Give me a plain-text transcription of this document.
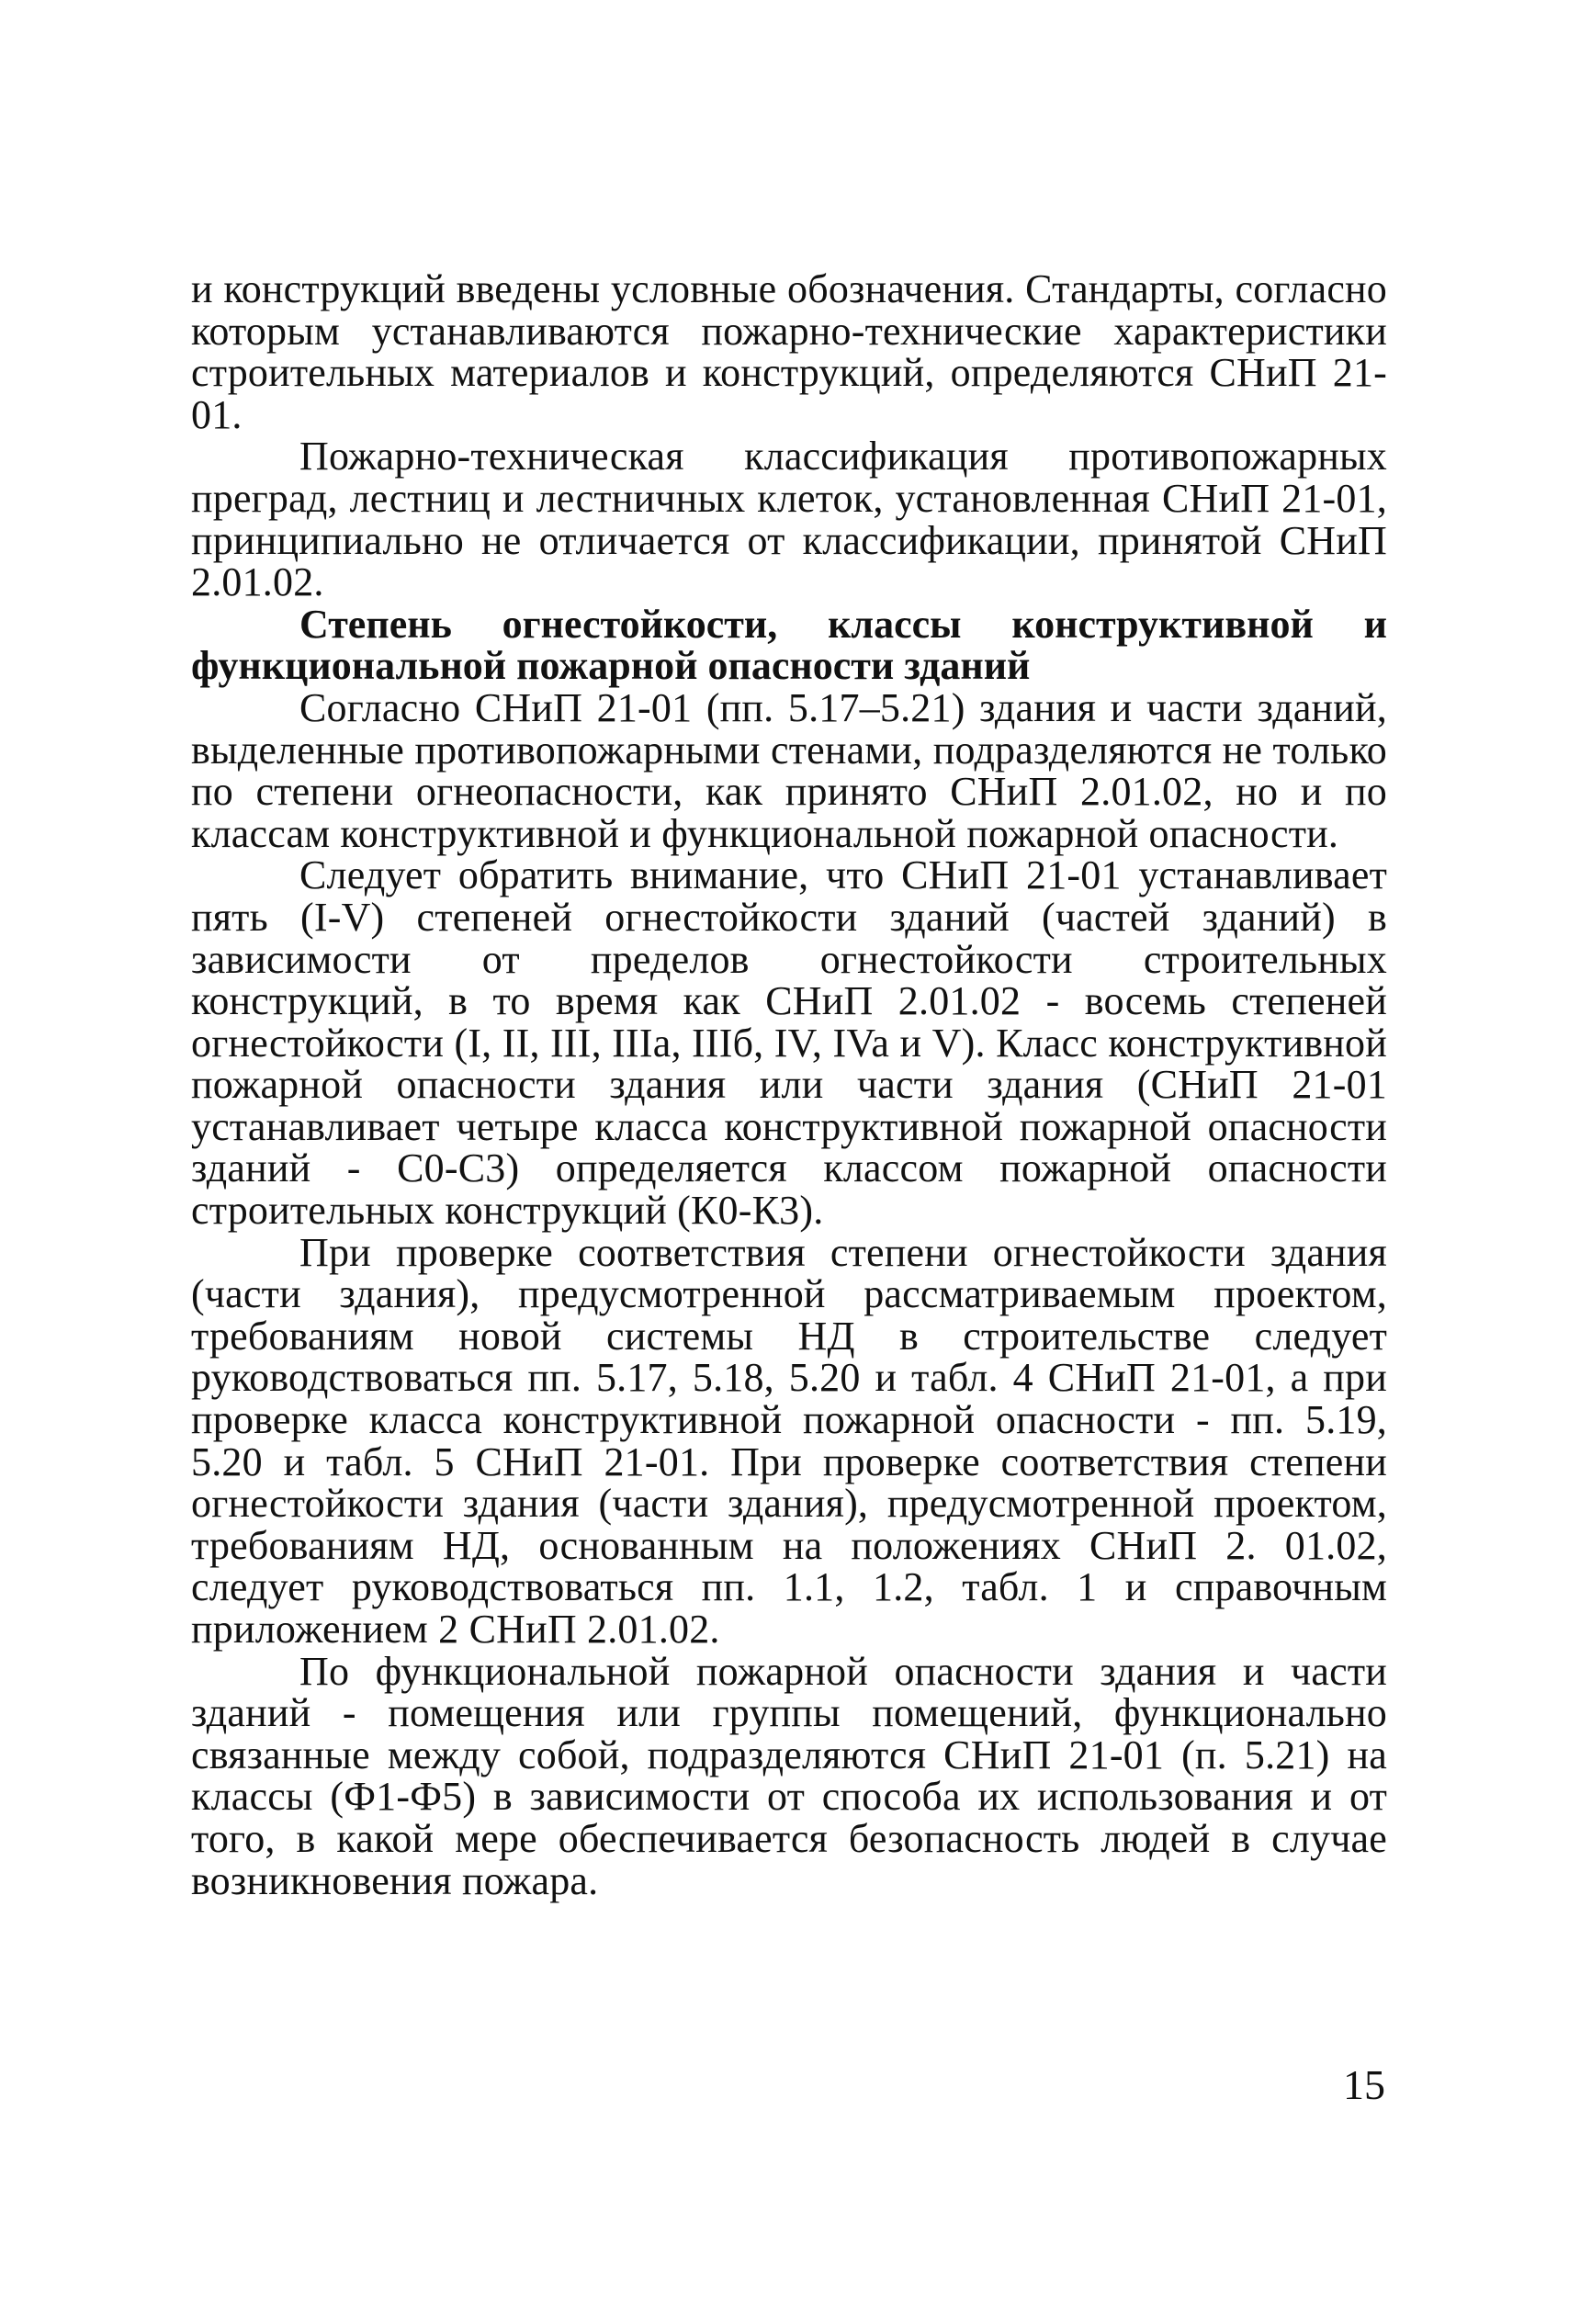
и конструкций введены условные обозначения. Стандарты, согласно которым устанавливаются пожарно-технические характеристики строительных материалов и конструкций, определяются СНиП 21-01.

Пожарно-техническая классификация противопожарных преград, лестниц и лестничных клеток, установленная СНиП 21-01, принципиально не отличается от классификации, принятой СНиП 2.01.02.

Степень огнестойкости, классы конструктивной и функциональной пожарной опасности зданий

Согласно СНиП 21-01 (пп. 5.17–5.21) здания и части зданий, выделенные противопожарными стенами, подразделяются не только по степени огнеопасности, как принято СНиП 2.01.02, но и по классам конструктивной и функциональной пожарной опасности.

Следует обратить внимание, что СНиП 21-01 устанавливает пять (I-V) степеней огнестойкости зданий (частей зданий) в зависимости от пределов огнестойкости строительных конструкций, в то время как СНиП 2.01.02 - восемь степеней огнестойкости (I, II, III, IIIa, IIIб, IV, IVa и V). Класс конструктивной пожарной опасности здания или части здания (СНиП 21-01 устанавливает четыре класса конструктивной пожарной опасности зданий - С0-С3) определяется классом пожарной опасности строительных конструкций (К0-К3).

При проверке соответствия степени огнестойкости здания (части здания), предусмотренной рассматриваемым проектом, требованиям новой системы НД в строительстве следует руководствоваться пп. 5.17, 5.18, 5.20 и табл. 4 СНиП 21-01, а при проверке класса конструктивной пожарной опасности - пп. 5.19, 5.20 и табл. 5 СНиП 21-01. При проверке соответствия степени огнестойкости здания (части здания), предусмотренной проектом, требованиям НД, основанным на положениях СНиП 2. 01.02, следует руководствоваться пп. 1.1, 1.2, табл. 1 и справочным приложением 2 СНиП 2.01.02.

По функциональной пожарной опасности здания и части зданий - помещения или группы помещений, функционально связанные между собой, подразделяются СНиП 21-01 (п. 5.21) на классы (Ф1-Ф5) в зависимости от способа их использования и от того, в какой мере обеспечивается безопасность людей в случае возникновения пожара.

15
